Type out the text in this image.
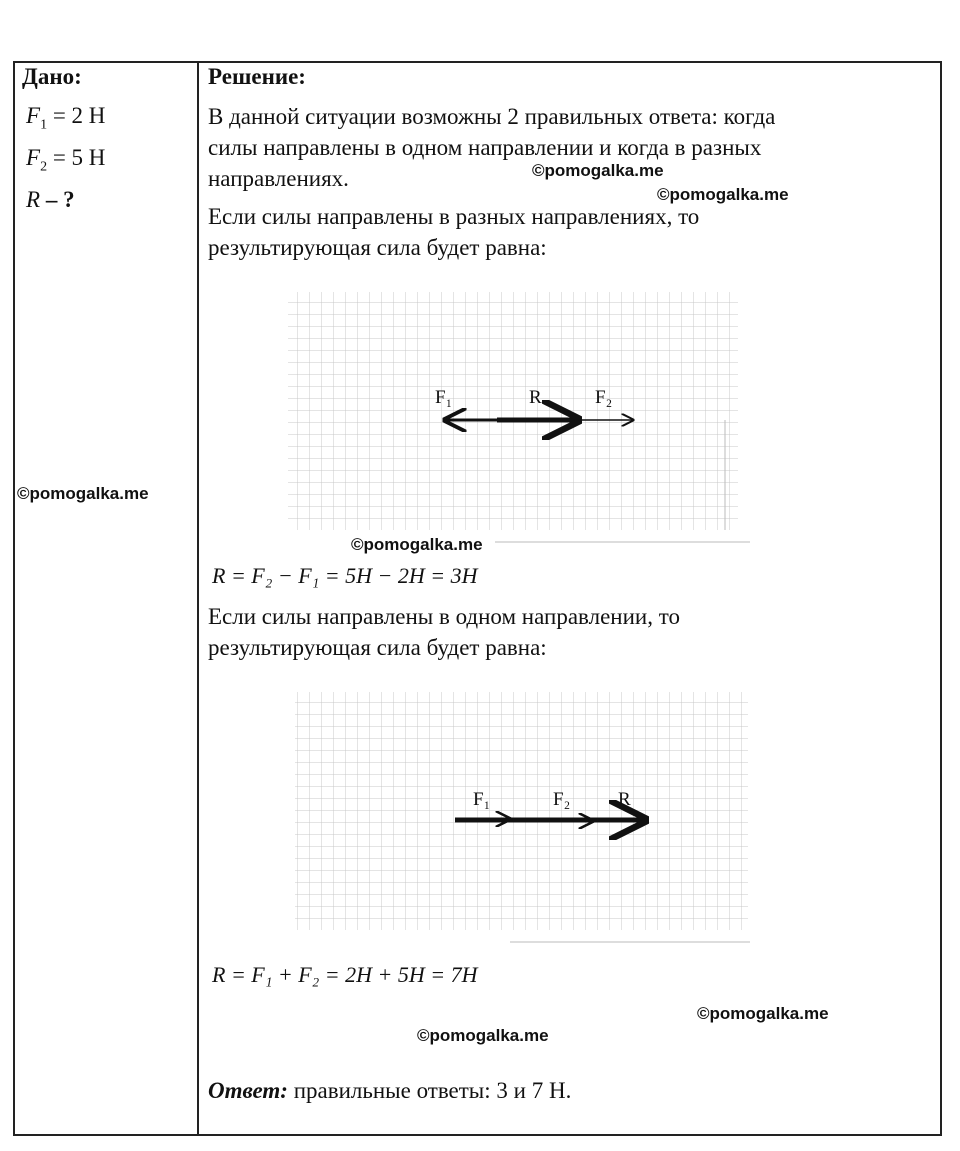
Дано:
$F_1 = 2$ Н
$F_2 = 5$ Н
R – ?
©pomogalka.me
Решение:
В данной ситуации возможны 2 правильных ответа: когда
силы направлены в одном направлении и когда в разных
направлениях.	©pomogalka.me
©pomogalka.me
Если силы направлены в разных направлениях, то
результирующая сила будет равна:
F₁	R	F₂
©pomogalka.me
R = F₂ − F₁ = 5H − 2H = 3H
Если силы направлены в одном направлении, то
результирующая сила будет равна:
F₁	F₂	R
R = F₁ + F₂ = 2H + 5H = 7H
©pomogalka.me
©pomogalka.me
Ответ: правильные ответы: 3 и 7 Н.
